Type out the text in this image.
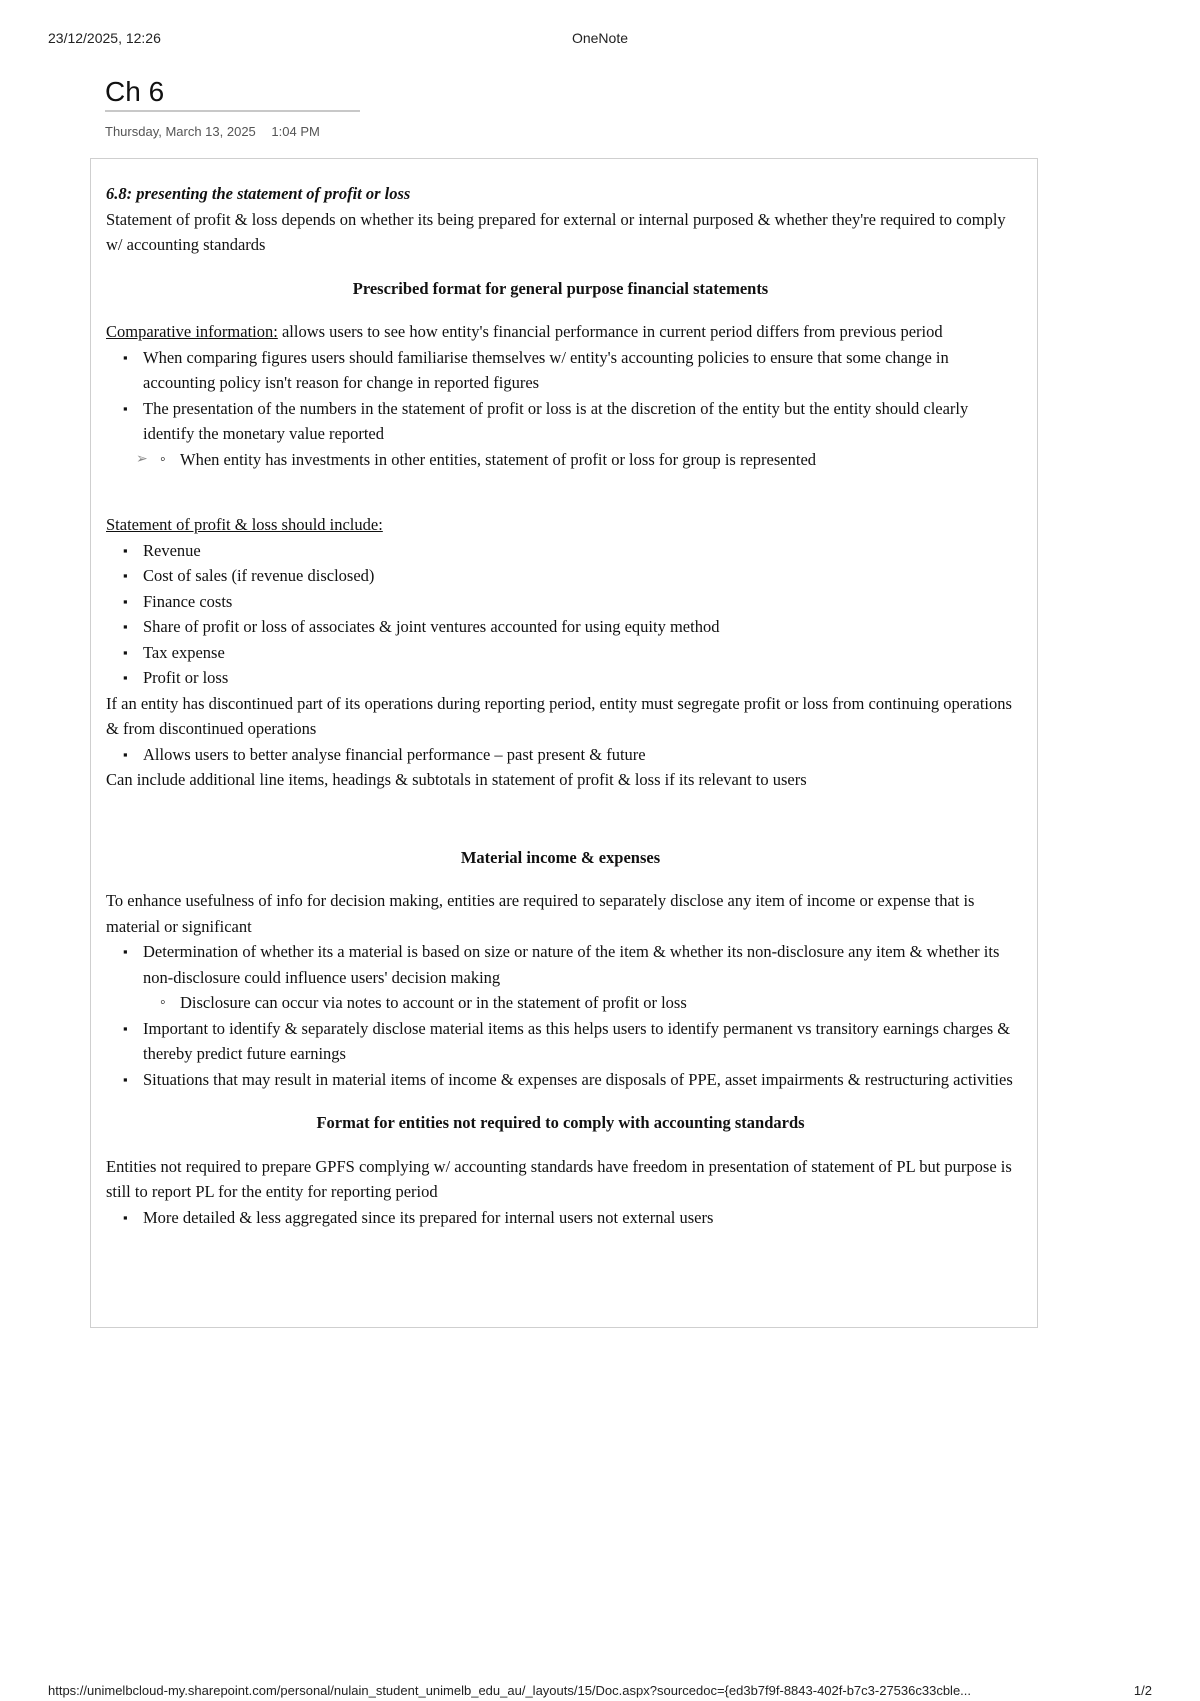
23/12/2025, 12:26	OneNote
Ch 6
Thursday, March 13, 2025 1:04 PM

6.8: presenting the statement of profit or loss

Statement of profit & loss depends on whether its being prepared for external or internal purposed & whether they're required to comply w/ accounting standards

Prescribed format for general purpose financial statements

Comparative information: allows users to see how entity's financial performance in current period differs from previous period

▪ When comparing figures users should familiarise themselves w/ entity's accounting policies to ensure that some change in accounting policy isn't reason for change in reported figures
▪ The presentation of the numbers in the statement of profit or loss is at the discretion of the entity but the entity should clearly identify the monetary value reported
◦ ➢ When entity has investments in other entities, statement of profit or loss for group is represented

Statement of profit & loss should include:

▪ Revenue
▪ Cost of sales (if revenue disclosed)
▪ Finance costs
▪ Share of profit or loss of associates & joint ventures accounted for using equity method
▪ Tax expense
▪ Profit or loss

If an entity has discontinued part of its operations during reporting period, entity must segregate profit or loss from continuing operations & from discontinued operations

▪ Allows users to better analyse financial performance – past present & future

Can include additional line items, headings & subtotals in statement of profit & loss if its relevant to users

Material income & expenses

To enhance usefulness of info for decision making, entities are required to separately disclose any item of income or expense that is material or significant

▪ Determination of whether its a material is based on size or nature of the item & whether its non-disclosure any item & whether its non-disclosure could influence users' decision making
◦ Disclosure can occur via notes to account or in the statement of profit or loss
▪ Important to identify & separately disclose material items as this helps users to identify permanent vs transitory earnings charges & thereby predict future earnings
▪ Situations that may result in material items of income & expenses are disposals of PPE, asset impairments & restructuring activities

Format for entities not required to comply with accounting standards

Entities not required to prepare GPFS complying w/ accounting standards have freedom in presentation of statement of PL but purpose is still to report PL for the entity for reporting period

▪ More detailed & less aggregated since its prepared for internal users not external users
https://unimelbcloud-my.sharepoint.com/personal/nulain_student_unimelb_edu_au/_layouts/15/Doc.aspx?sourcedoc={ed3b7f9f-8843-402f-b7c3-27536c33cble...	1/2
